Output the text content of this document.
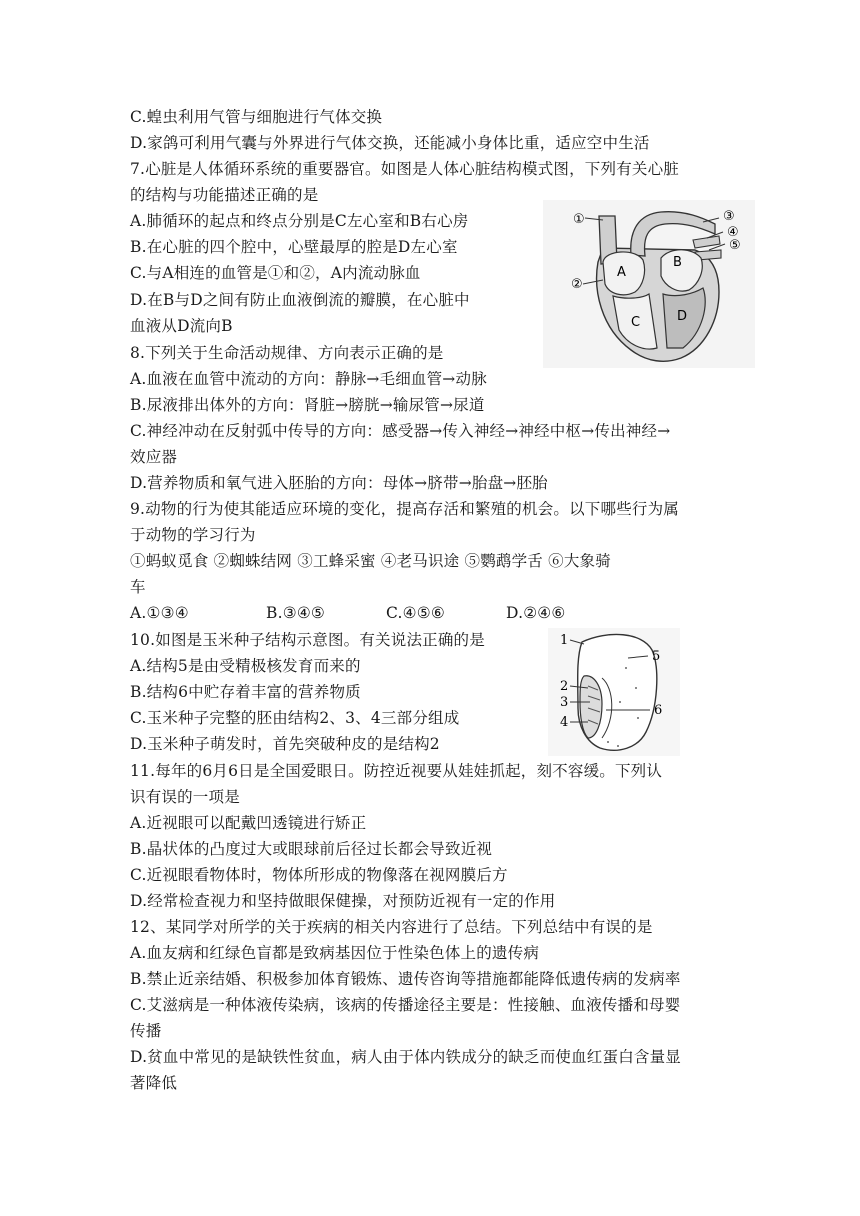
C.蝗虫利用气管与细胞进行气体交换
D.家鸽可利用气囊与外界进行气体交换，还能减小身体比重，适应空中生活
7.心脏是人体循环系统的重要器官。如图是人体心脏结构模式图，下列有关心脏
的结构与功能描述正确的是
A.肺循环的起点和终点分别是C左心室和B右心房
B.在心脏的四个腔中，心壁最厚的腔是D左心室
C.与A相连的血管是①和②，A内流动脉血
D.在B与D之间有防止血液倒流的瓣膜，在心脏中
血液从D流向B
8.下列关于生命活动规律、方向表示正确的是
A.血液在血管中流动的方向：静脉→毛细血管→动脉
B.尿液排出体外的方向：肾脏→膀胱→输尿管→尿道
C.神经冲动在反射弧中传导的方向：感受器→传入神经→神经中枢→传出神经→
效应器
D.营养物质和氧气进入胚胎的方向：母体→脐带→胎盘→胚胎
9.动物的行为使其能适应环境的变化，提高存活和繁殖的机会。以下哪些行为属
于动物的学习行为
①蚂蚁觅食 ②蜘蛛结网 ③工蜂采蜜 ④老马识途 ⑤鹦鹉学舌 ⑥大象骑
车
A.①③④	B.③④⑤	C.④⑤⑥	D.②④⑥
10.如图是玉米种子结构示意图。有关说法正确的是
A.结构5是由受精极核发育而来的
B.结构6中贮存着丰富的营养物质
C.玉米种子完整的胚由结构2、3、4三部分组成
D.玉米种子萌发时，首先突破种皮的是结构2
11.每年的6月6日是全国爱眼日。防控近视要从娃娃抓起，刻不容缓。下列认
识有误的一项是
A.近视眼可以配戴凹透镜进行矫正
B.晶状体的凸度过大或眼球前后径过长都会导致近视
C.近视眼看物体时，物体所形成的物像落在视网膜后方
D.经常检查视力和坚持做眼保健操，对预防近视有一定的作用
12、某同学对所学的关于疾病的相关内容进行了总结。下列总结中有误的是
A.血友病和红绿色盲都是致病基因位于性染色体上的遗传病
B.禁止近亲结婚、积极参加体育锻炼、遗传咨询等措施都能降低遗传病的发病率
C.艾滋病是一种体液传染病，该病的传播途径主要是：性接触、血液传播和母婴
传播
D.贫血中常见的是缺铁性贫血，病人由于体内铁成分的缺乏而使血红蛋白含量显
著降低
①
②
③
④
⑤
A
B
C	D
1
2
3
4
5
6
